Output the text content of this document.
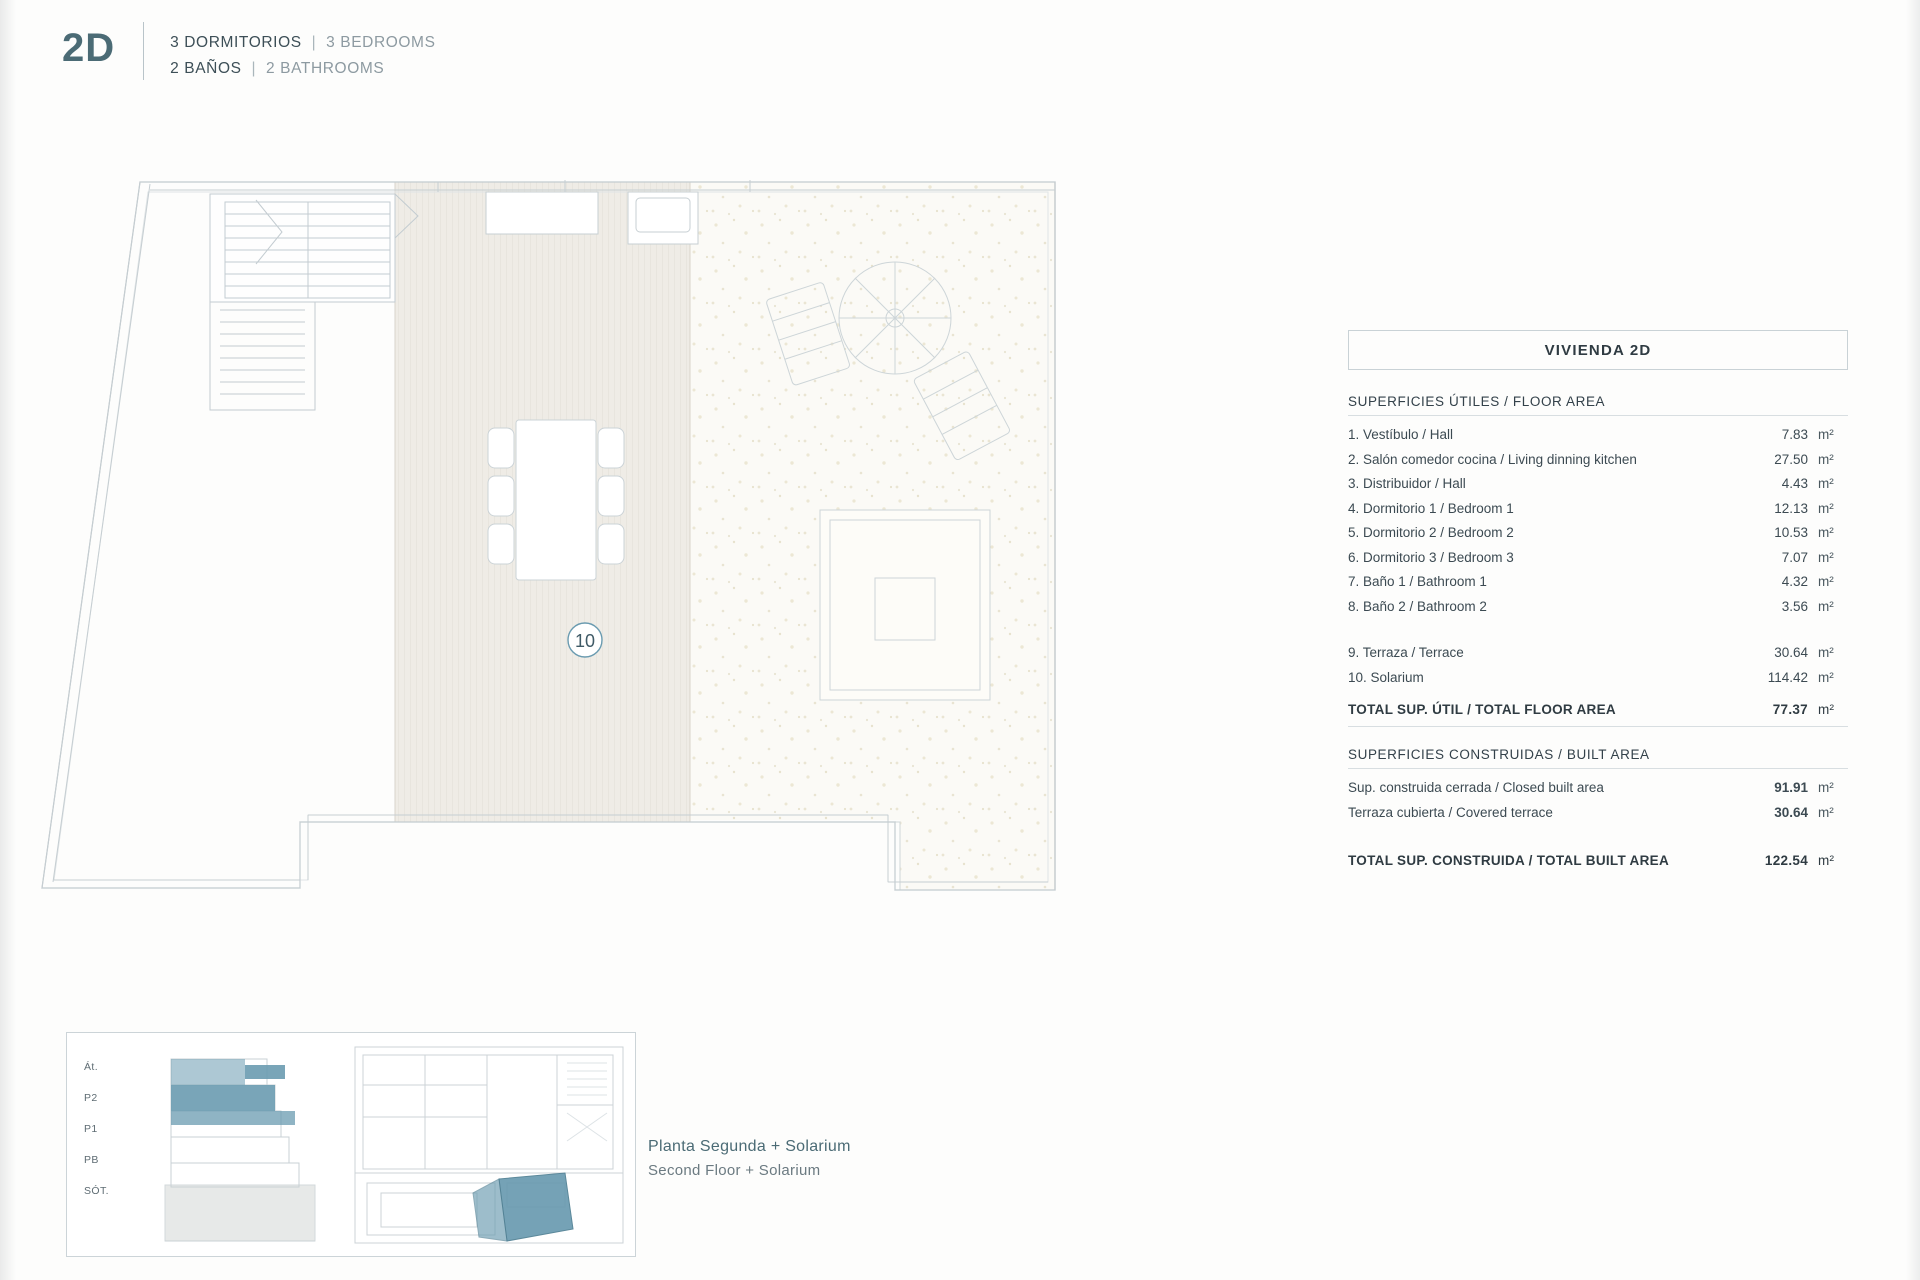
2D	3 DORMITORIOS | 3 BEDROOMS
2 BAÑOS | 2 BATHROOMS
10
VIVIENDA 2D
SUPERFICIES ÚTILES / FLOOR AREA
1. Vestíbulo / Hall	7.83 m²
2. Salón comedor cocina / Living dinning kitchen	27.50 m²
3. Distribuidor / Hall	4.43 m²
4. Dormitorio 1 / Bedroom 1	12.13 m²
5. Dormitorio 2 / Bedroom 2	10.53 m²
6. Dormitorio 3 / Bedroom 3	7.07 m²
7. Baño 1 / Bathroom 1	4.32 m²
8. Baño 2 / Bathroom 2	3.56 m²
9. Terraza / Terrace	30.64 m²
10. Solarium	114.42 m²
TOTAL SUP. ÚTIL / TOTAL FLOOR AREA	77.37 m²
SUPERFICIES CONSTRUIDAS / BUILT AREA
Sup. construida cerrada / Closed built area	91.91 m²
Terraza cubierta / Covered terrace	30.64 m²
TOTAL SUP. CONSTRUIDA / TOTAL BUILT AREA	122.54 m²
Át.
P2
P1
PB
SÓT.
Planta Segunda + Solarium
Second Floor + Solarium
